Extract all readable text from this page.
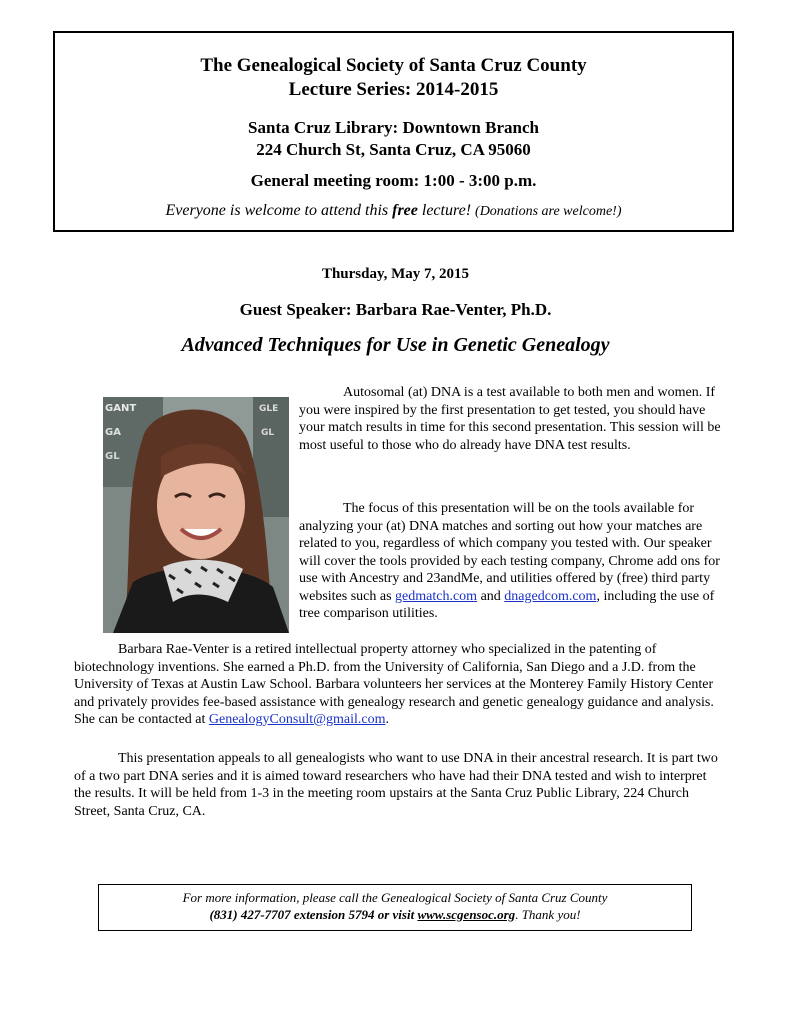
The Genealogical Society of Santa Cruz County
Lecture Series: 2014-2015
Santa Cruz Library: Downtown Branch
224 Church St, Santa Cruz, CA 95060
General meeting room: 1:00 - 3:00 p.m.
Everyone is welcome to attend this free lecture! (Donations are welcome!)
Thursday, May 7, 2015
Guest Speaker: Barbara Rae-Venter, Ph.D.
Advanced Techniques for Use in Genetic Genealogy
GANT	GLE
GA	GL
GL

Autosomal (at) DNA is a test available to both men and women. If you were inspired by the first presentation to get tested, you should have your match results in time for this second presentation. This session will be most useful to those who do already have DNA test results.

The focus of this presentation will be on the tools available for analyzing your (at) DNA matches and sorting out how your matches are related to you, regardless of which company you tested with. Our speaker will cover the tools provided by each testing company, Chrome add ons for use with Ancestry and 23andMe, and utilities offered by (free) third party websites such as gedmatch.com and dnagedcom.com, including the use of tree comparison utilities.

Barbara Rae-Venter is a retired intellectual property attorney who specialized in the patenting of biotechnology inventions. She earned a Ph.D. from the University of California, San Diego and a J.D. from the University of Texas at Austin Law School. Barbara volunteers her services at the Monterey Family History Center and privately provides fee-based assistance with genealogy research and genetic genealogy guidance and analysis. She can be contacted at GenealogyConsult@gmail.com.

This presentation appeals to all genealogists who want to use DNA in their ancestral research. It is part two of a two part DNA series and it is aimed toward researchers who have had their DNA tested and wish to interpret the results. It will be held from 1-3 in the meeting room upstairs at the Santa Cruz Public Library, 224 Church Street, Santa Cruz, CA.

For more information, please call the Genealogical Society of Santa Cruz County
(831) 427-7707 extension 5794 or visit www.scgensoc.org. Thank you!
